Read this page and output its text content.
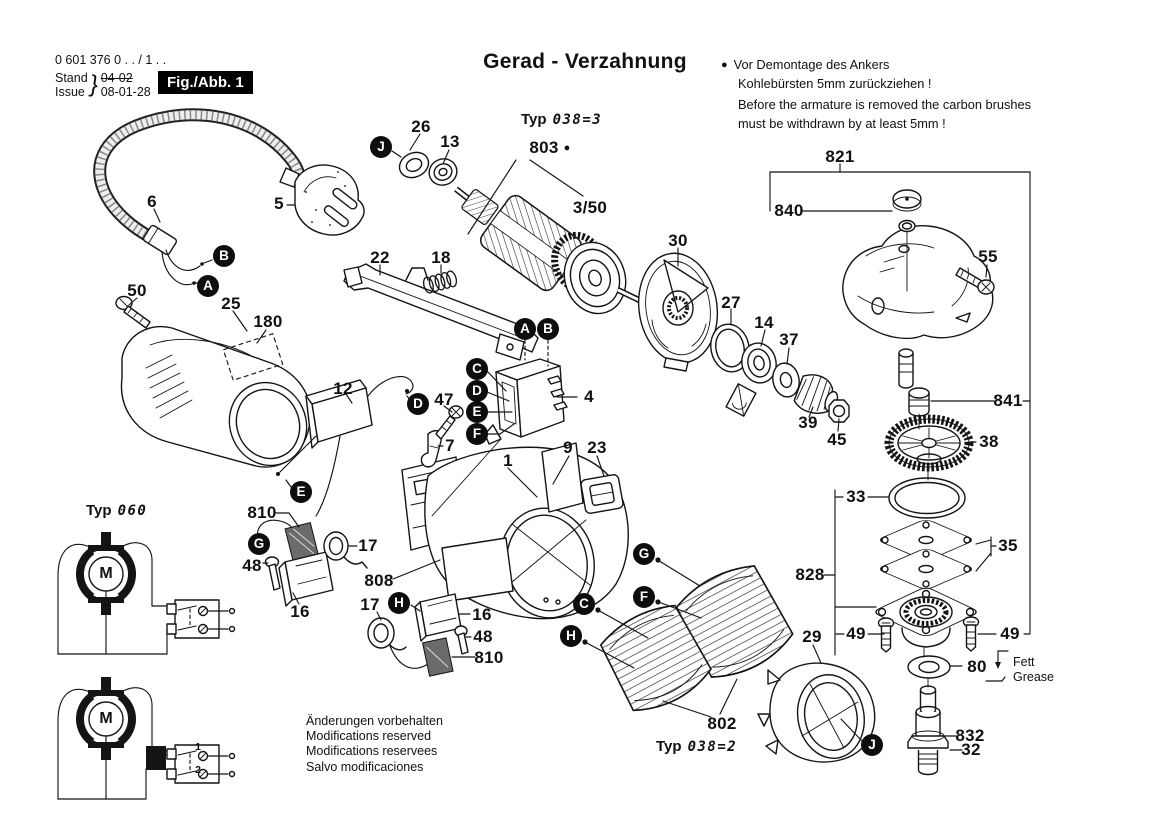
0 601 376 0 . . / 1 . .
Stand
Issue } 04-02
08-01-28
Fig./Abb. 1
Gerad - Verzahnung	● Vor Demontage des Ankers
Kohlebürsten 5mm zurückziehen !
Before the armature is removed the carbon brushes
must be withdrawn by at least 5mm !
Änderungen vorbehalten
Modifications reserved
Modifications reservees
Salvo modificaciones
Fett
Grease
M
M
1
2
26
13	803 ●
3/50
5
6
50
25
180
22 18
30
27
14
37
39
45
821
840
55
841
38
33
35
828
49	49
80
832
32
29
802
12
47
7
4
1
9 23
810
48
16
17
808
17
16
48
810
J
B
A
A B
C
D
E
F
D
E
G
H
G
F
C
H
J
Typ 038=3
Typ 060
Typ 038=2
